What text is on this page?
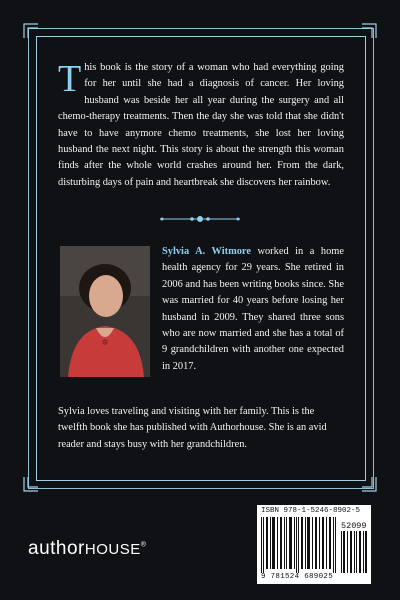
This book is the story of a woman who had everything going for her until she had a diagnosis of cancer. Her loving husband was beside her all year during the surgery and all chemo-therapy treatments. Then the day she was told that she didn't have to have anymore chemo treatments, she lost her loving husband the next night. This story is about the strength this woman finds after the whole world crashes around her. From the dark, disturbing days of pain and heartbreak she discovers her rainbow.
Sylvia A. Witmore worked in a home health agency for 29 years. She retired in 2006 and has been writing books since. She was married for 40 years before losing her husband in 2009. They shared three sons who are now married and she has a total of 9 grandchildren with another one expected in 2017.
Sylvia loves traveling and visiting with her family. This is the twelfth book she has published with Authorhouse. She is an avid reader and stays busy with her grandchildren.
authorHOUSE®
ISBN 978-1-5246-8902-5
52099
9 781524 689025
